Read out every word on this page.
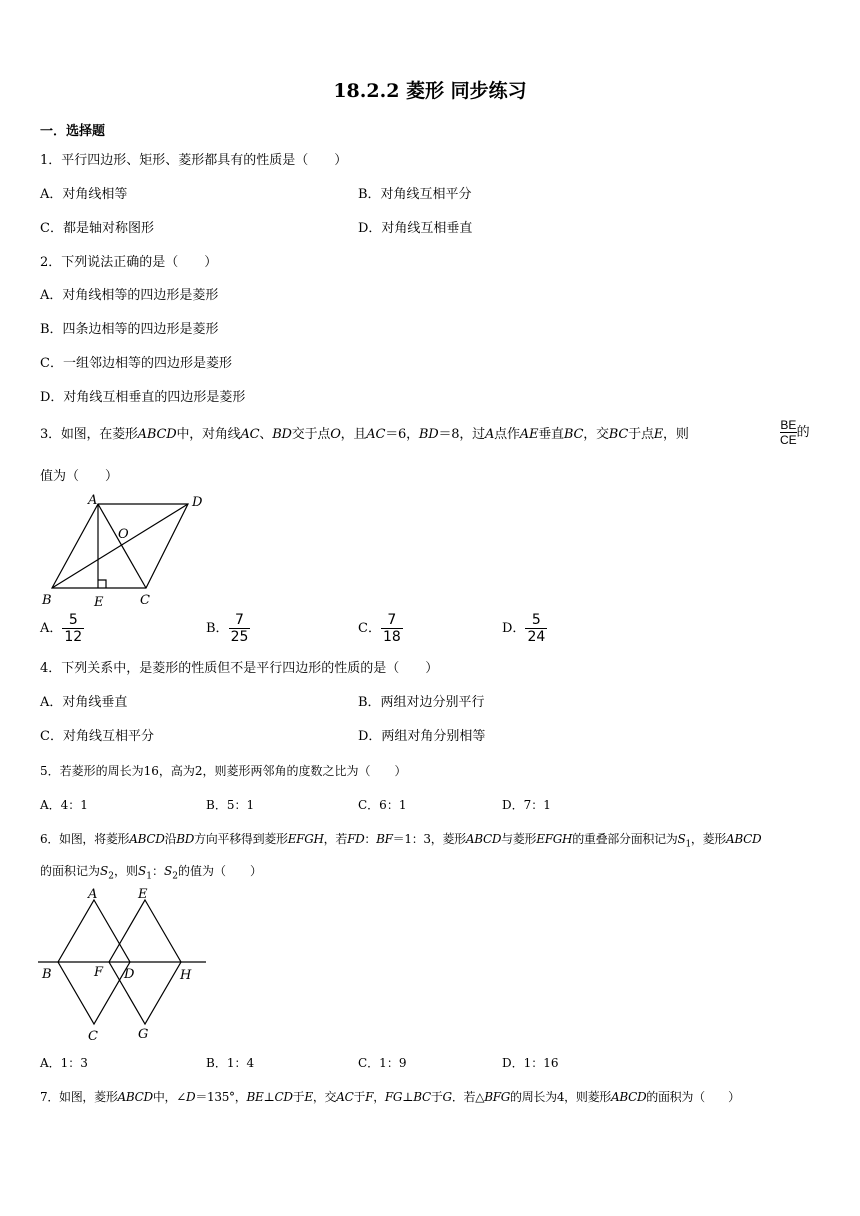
18.2.2 菱形 同步练习
一．选择题
1．平行四边形、矩形、菱形都具有的性质是（　　）
A．对角线相等	B．对角线互相平分
C．都是轴对称图形	D．对角线互相垂直
2．下列说法正确的是（　　）
A．对角线相等的四边形是菱形
B．四条边相等的四边形是菱形
C．一组邻边相等的四边形是菱形
D．对角线互相垂直的四边形是菱形
3．如图，在菱形ABCD中，对角线AC、BD交于点O，且AC＝6，BD＝8，过A点作AE垂直BC，交BC于点E，则	$\frac{BE}{CE}$ 的
值为（　　）
A	D
O
B	E	C
A． $\frac{5}{12}$	B． $\frac{7}{25}$	C． $\frac{7}{18}$	D． $\frac{5}{24}$
4．下列关系中，是菱形的性质但不是平行四边形的性质的是（　　）
A．对角线垂直	B．两组对边分别平行
C．对角线互相平分	D．两组对角分别相等
5．若菱形的周长为16，高为2，则菱形两邻角的度数之比为（　　）
A．4：1	B．5：1	C．6：1	D．7：1
6．如图，将菱形ABCD沿BD方向平移得到菱形EFGH，若FD：BF＝1：3，菱形ABCD与菱形EFGH的重叠部分面积记为$S_1$，菱形ABCD
的面积记为$S_2$，则$S_1$：$S_2$的值为（　　）
A	E
B	F D	H
C	G
A．1：3	B．1：4	C．1：9	D．1：16
7．如图，菱形ABCD中，∠D＝135°，BE⊥CD于E，交AC于F，FG⊥BC于G．若△BFG的周长为4，则菱形ABCD的面积为（　　）
